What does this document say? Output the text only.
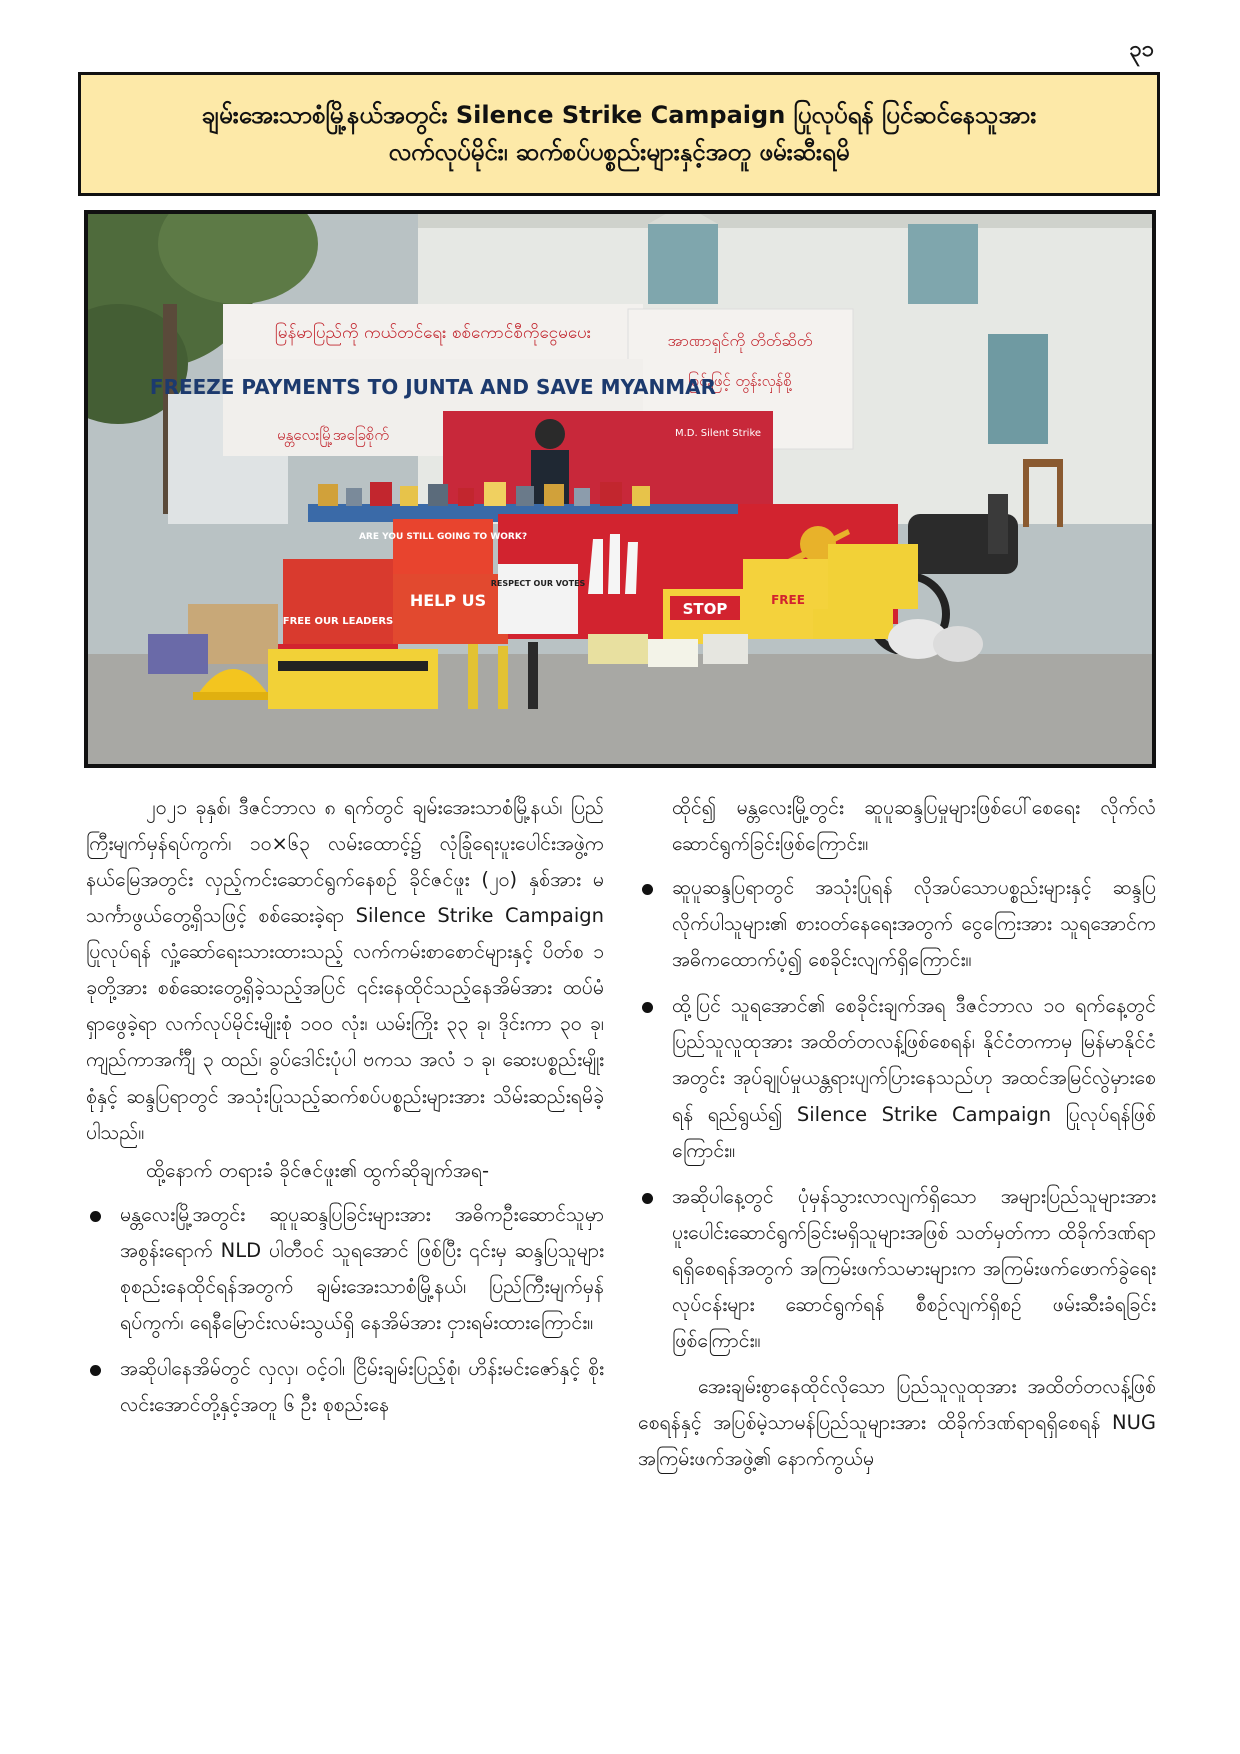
၃၁
ချမ်းအေးသာစံမြို့နယ်အတွင်း Silence Strike Campaign ပြုလုပ်ရန် ပြင်ဆင်နေသူအား
လက်လုပ်မိုင်း၊ ဆက်စပ်ပစ္စည်းများနှင့်အတူ ဖမ်းဆီးရမိ
မြန်မာပြည်ကို ကယ်တင်ရေး စစ်ကောင်စီကိုငွေမပေး	အာဏာရှင်ကို တိတ်ဆိတ်
ခြင်းဖြင့် တွန်းလှန်စို့
FREEZE PAYMENTS TO JUNTA AND SAVE MYANMAR
မန္တလေးမြို့အခြေစိုက်	M.D. Silent Strike
ARE YOU STILL GOING TO WORK?
HELP US
FREE OUR LEADERS
RESPECT OUR VOTES
STOP	FREE

၂၀၂၁ ခုနှစ်၊ ဒီဇင်ဘာလ ၈ ရက်တွင် ချမ်းအေးသာစံမြို့နယ်၊ ပြည်ကြီးမျက်မှန်ရပ်ကွက်၊ ၁၀×၆၃ လမ်းထောင့်၌ လုံခြုံရေးပူးပေါင်းအဖွဲ့က နယ်မြေအတွင်း လှည့်ကင်းဆောင်ရွက်နေစဉ် ခိုင်ဇင်ဖူး (၂၀) နှစ်အား မသင်္ကာဖွယ်တွေ့ရှိသဖြင့် စစ်ဆေးခဲ့ရာ Silence Strike Campaign ပြုလုပ်ရန် လှုံ့ဆော်ရေးသားထားသည့် လက်ကမ်းစာစောင်များနှင့် ပိတ်စ ၁ ခုတို့အား စစ်ဆေးတွေ့ရှိခဲ့သည့်အပြင် ၎င်းနေထိုင်သည့်နေအိမ်အား ထပ်မံရှာဖွေခဲ့ရာ လက်လုပ်မိုင်းမျိုးစုံ ၁၀၀ လုံး၊ ယမ်းကြိုး ၃၃ ခု၊ ဒိုင်းကာ ၃၀ ခု၊ ကျည်ကာအင်္ကျီ ၃ ထည်၊ ခွပ်ဒေါင်းပုံပါ ဗကသ အလံ ၁ ခု၊ ဆေးပစ္စည်းမျိုးစုံနှင့် ဆန္ဒပြရာတွင် အသုံးပြုသည့်ဆက်စပ်ပစ္စည်းများအား သိမ်းဆည်းရမိခဲ့ပါသည်။

ထို့နောက် တရားခံ ခိုင်ဇင်ဖူး၏ ထွက်ဆိုချက်အရ-

မန္တလေးမြို့အတွင်း ဆူပူဆန္ဒပြခြင်းများအား အဓိကဦးဆောင်သူမှာ အစွန်းရောက် NLD ပါတီဝင် သူရအောင် ဖြစ်ပြီး ၎င်းမှ ဆန္ဒပြသူများ စုစည်းနေထိုင်ရန်အတွက် ချမ်းအေးသာစံမြို့နယ်၊ ပြည်ကြီးမျက်မှန်ရပ်ကွက်၊ ရေနီမြောင်းလမ်းသွယ်ရှိ နေအိမ်အား ငှားရမ်းထားကြောင်း။
အဆိုပါနေအိမ်တွင် လှလှ၊ ဝင့်ဝါ၊ ငြိမ်းချမ်းပြည့်စုံ၊ ဟိန်းမင်းဇော်နှင့် စိုးလင်းအောင်တို့နှင့်အတူ ၆ ဦး စုစည်းနေ

ထိုင်၍ မန္တလေးမြို့တွင်း ဆူပူဆန္ဒပြမှုများဖြစ်ပေါ်စေရေး လိုက်လံဆောင်ရွက်ခြင်းဖြစ်ကြောင်း။

ဆူပူဆန္ဒပြရာတွင် အသုံးပြုရန် လိုအပ်သောပစ္စည်းများနှင့် ဆန္ဒပြလိုက်ပါသူများ၏ စားဝတ်နေရေးအတွက် ငွေကြေးအား သူရအောင်က အဓိကထောက်ပံ့၍ စေခိုင်းလျက်ရှိကြောင်း။
ထို့ပြင် သူရအောင်၏ စေခိုင်းချက်အရ ဒီဇင်ဘာလ ၁၀ ရက်နေ့တွင် ပြည်သူလူထုအား အထိတ်တလန့်ဖြစ်စေရန်၊ နိုင်ငံတကာမှ မြန်မာနိုင်ငံအတွင်း အုပ်ချုပ်မှုယန္တရားပျက်ပြားနေသည်ဟု အထင်အမြင်လွဲမှားစေရန် ရည်ရွယ်၍ Silence Strike Campaign ပြုလုပ်ရန်ဖြစ်ကြောင်း။
အဆိုပါနေ့တွင် ပုံမှန်သွားလာလျက်ရှိသော အများပြည်သူများအား ပူးပေါင်းဆောင်ရွက်ခြင်းမရှိသူများအဖြစ် သတ်မှတ်ကာ ထိခိုက်ဒဏ်ရာရရှိစေရန်အတွက် အကြမ်းဖက်သမားများက အကြမ်းဖက်ဖောက်ခွဲရေးလုပ်ငန်းများ ဆောင်ရွက်ရန် စီစဉ်လျက်ရှိစဉ် ဖမ်းဆီးခံရခြင်းဖြစ်ကြောင်း။

အေးချမ်းစွာနေထိုင်လိုသော ပြည်သူလူထုအား အထိတ်တလန့်ဖြစ်စေရန်နှင့် အပြစ်မဲ့သာမန်ပြည်သူများအား ထိခိုက်ဒဏ်ရာရရှိစေရန် NUG အကြမ်းဖက်အဖွဲ့၏ နောက်ကွယ်မှ
